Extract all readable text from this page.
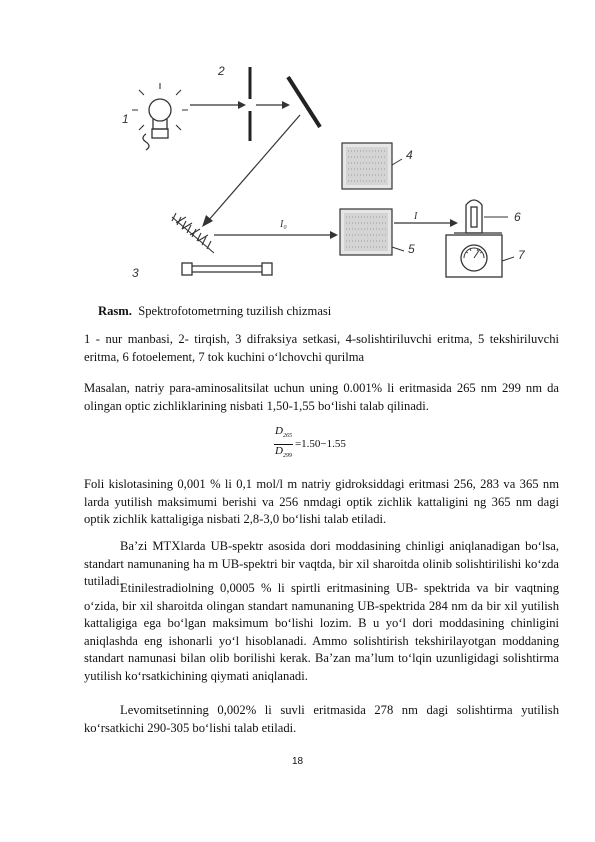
1
2
3
I₀
4
5
I	6
7
Rasm. Spektrofotometrning tuzilish chizmasi
1 - nur manbasi, 2- tirqish, 3 difraksiya setkasi, 4-solishtiriluvchi eritma, 5 tekshiriluvchi eritma, 6 fotoelement, 7 tok kuchini o‘lchovchi qurilma
Masalan, natriy para-aminosalitsilat uchun uning 0.001% li eritmasida 265 nm 299 nm da olingan optic zichliklarining nisbati 1,50-1,55 bo‘lishi talab qilinadi.
$\frac{D_{265}}{D_{299}} =1.50-1.55$
Foli kislotasining 0,001 % li 0,1 mol/l m natriy gidroksiddagi eritmasi 256, 283 va 365 nm larda yutilish maksimumi berishi va 256 nmdagi optik zichlik kattaligini ng 365 nm dagi optik zichlik kattaligiga nisbati 2,8-3,0 bo‘lishi talab etiladi.
Ba’zi MTXlarda UB-spektr asosida dori moddasining chinligi aniqlanadigan bo‘lsa, standart namunaning ha m UB-spektri bir vaqtda, bir xil sharoitda olinib solishtirilishi ko‘zda tutiladi.
Etinilestradiolning 0,0005 % li spirtli eritmasining UB- spektrida va bir vaqtning o‘zida, bir xil sharoitda olingan standart namunaning UB-spektrida 284 nm da bir xil yutilish kattaligiga ega bo‘lgan maksimum bo‘lishi lozim. B u yo‘l dori moddasining chinligini aniqlashda eng ishonarli yo‘l hisoblanadi. Ammo solishtirish tekshirilayotgan moddaning standart namunasi bilan olib borilishi kerak. Ba’zan ma’lum to‘lqin uzunligidagi solishtirma yutilish ko‘rsatkichining qiymati aniqlanadi.
Levomitsetinning 0,002% li suvli eritmasida 278 nm dagi solishtirma yutilish ko‘rsatkichi 290-305 bo‘lishi talab etiladi.
18
